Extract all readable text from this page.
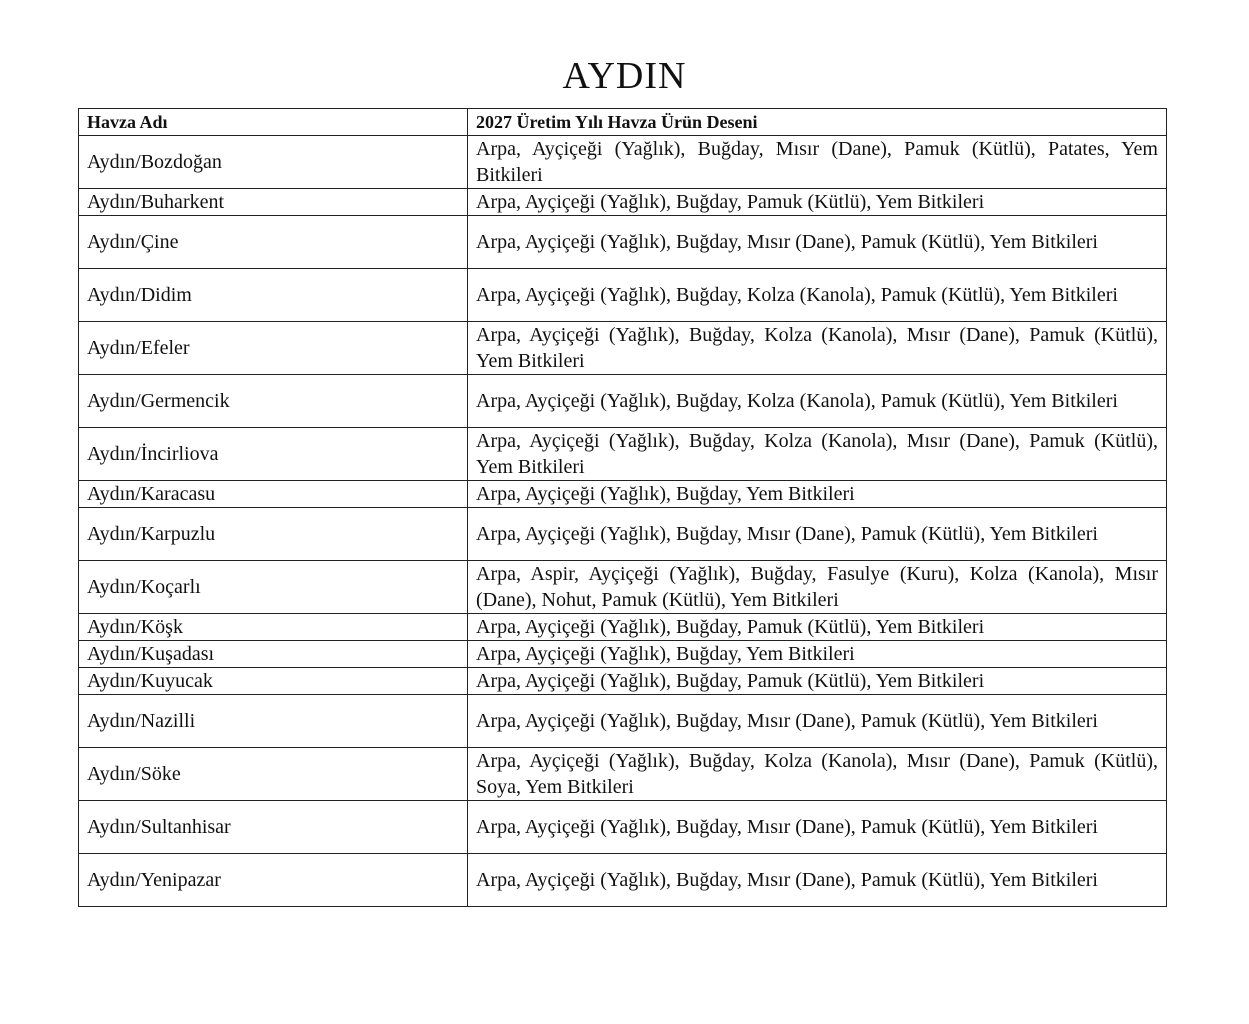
AYDIN
Havza Adı	2027 Üretim Yılı Havza Ürün Deseni
Aydın/Bozdoğan	Arpa, Ayçiçeği (Yağlık), Buğday, Mısır (Dane), Pamuk (Kütlü), Patates, Yem Bitkileri
Aydın/Buharkent	Arpa, Ayçiçeği (Yağlık), Buğday, Pamuk (Kütlü), Yem Bitkileri
Aydın/Çine	Arpa, Ayçiçeği (Yağlık), Buğday, Mısır (Dane), Pamuk (Kütlü), Yem Bitkileri
Aydın/Didim	Arpa, Ayçiçeği (Yağlık), Buğday, Kolza (Kanola), Pamuk (Kütlü), Yem Bitkileri
Aydın/Efeler	Arpa, Ayçiçeği (Yağlık), Buğday, Kolza (Kanola), Mısır (Dane), Pamuk (Kütlü), Yem Bitkileri
Aydın/Germencik	Arpa, Ayçiçeği (Yağlık), Buğday, Kolza (Kanola), Pamuk (Kütlü), Yem Bitkileri
Aydın/İncirliova	Arpa, Ayçiçeği (Yağlık), Buğday, Kolza (Kanola), Mısır (Dane), Pamuk (Kütlü), Yem Bitkileri
Aydın/Karacasu	Arpa, Ayçiçeği (Yağlık), Buğday, Yem Bitkileri
Aydın/Karpuzlu	Arpa, Ayçiçeği (Yağlık), Buğday, Mısır (Dane), Pamuk (Kütlü), Yem Bitkileri
Aydın/Koçarlı	Arpa, Aspir, Ayçiçeği (Yağlık), Buğday, Fasulye (Kuru), Kolza (Kanola), Mısır (Dane), Nohut, Pamuk (Kütlü), Yem Bitkileri
Aydın/Köşk	Arpa, Ayçiçeği (Yağlık), Buğday, Pamuk (Kütlü), Yem Bitkileri
Aydın/Kuşadası	Arpa, Ayçiçeği (Yağlık), Buğday, Yem Bitkileri
Aydın/Kuyucak	Arpa, Ayçiçeği (Yağlık), Buğday, Pamuk (Kütlü), Yem Bitkileri
Aydın/Nazilli	Arpa, Ayçiçeği (Yağlık), Buğday, Mısır (Dane), Pamuk (Kütlü), Yem Bitkileri
Aydın/Söke	Arpa, Ayçiçeği (Yağlık), Buğday, Kolza (Kanola), Mısır (Dane), Pamuk (Kütlü), Soya, Yem Bitkileri
Aydın/Sultanhisar	Arpa, Ayçiçeği (Yağlık), Buğday, Mısır (Dane), Pamuk (Kütlü), Yem Bitkileri
Aydın/Yenipazar	Arpa, Ayçiçeği (Yağlık), Buğday, Mısır (Dane), Pamuk (Kütlü), Yem Bitkileri
